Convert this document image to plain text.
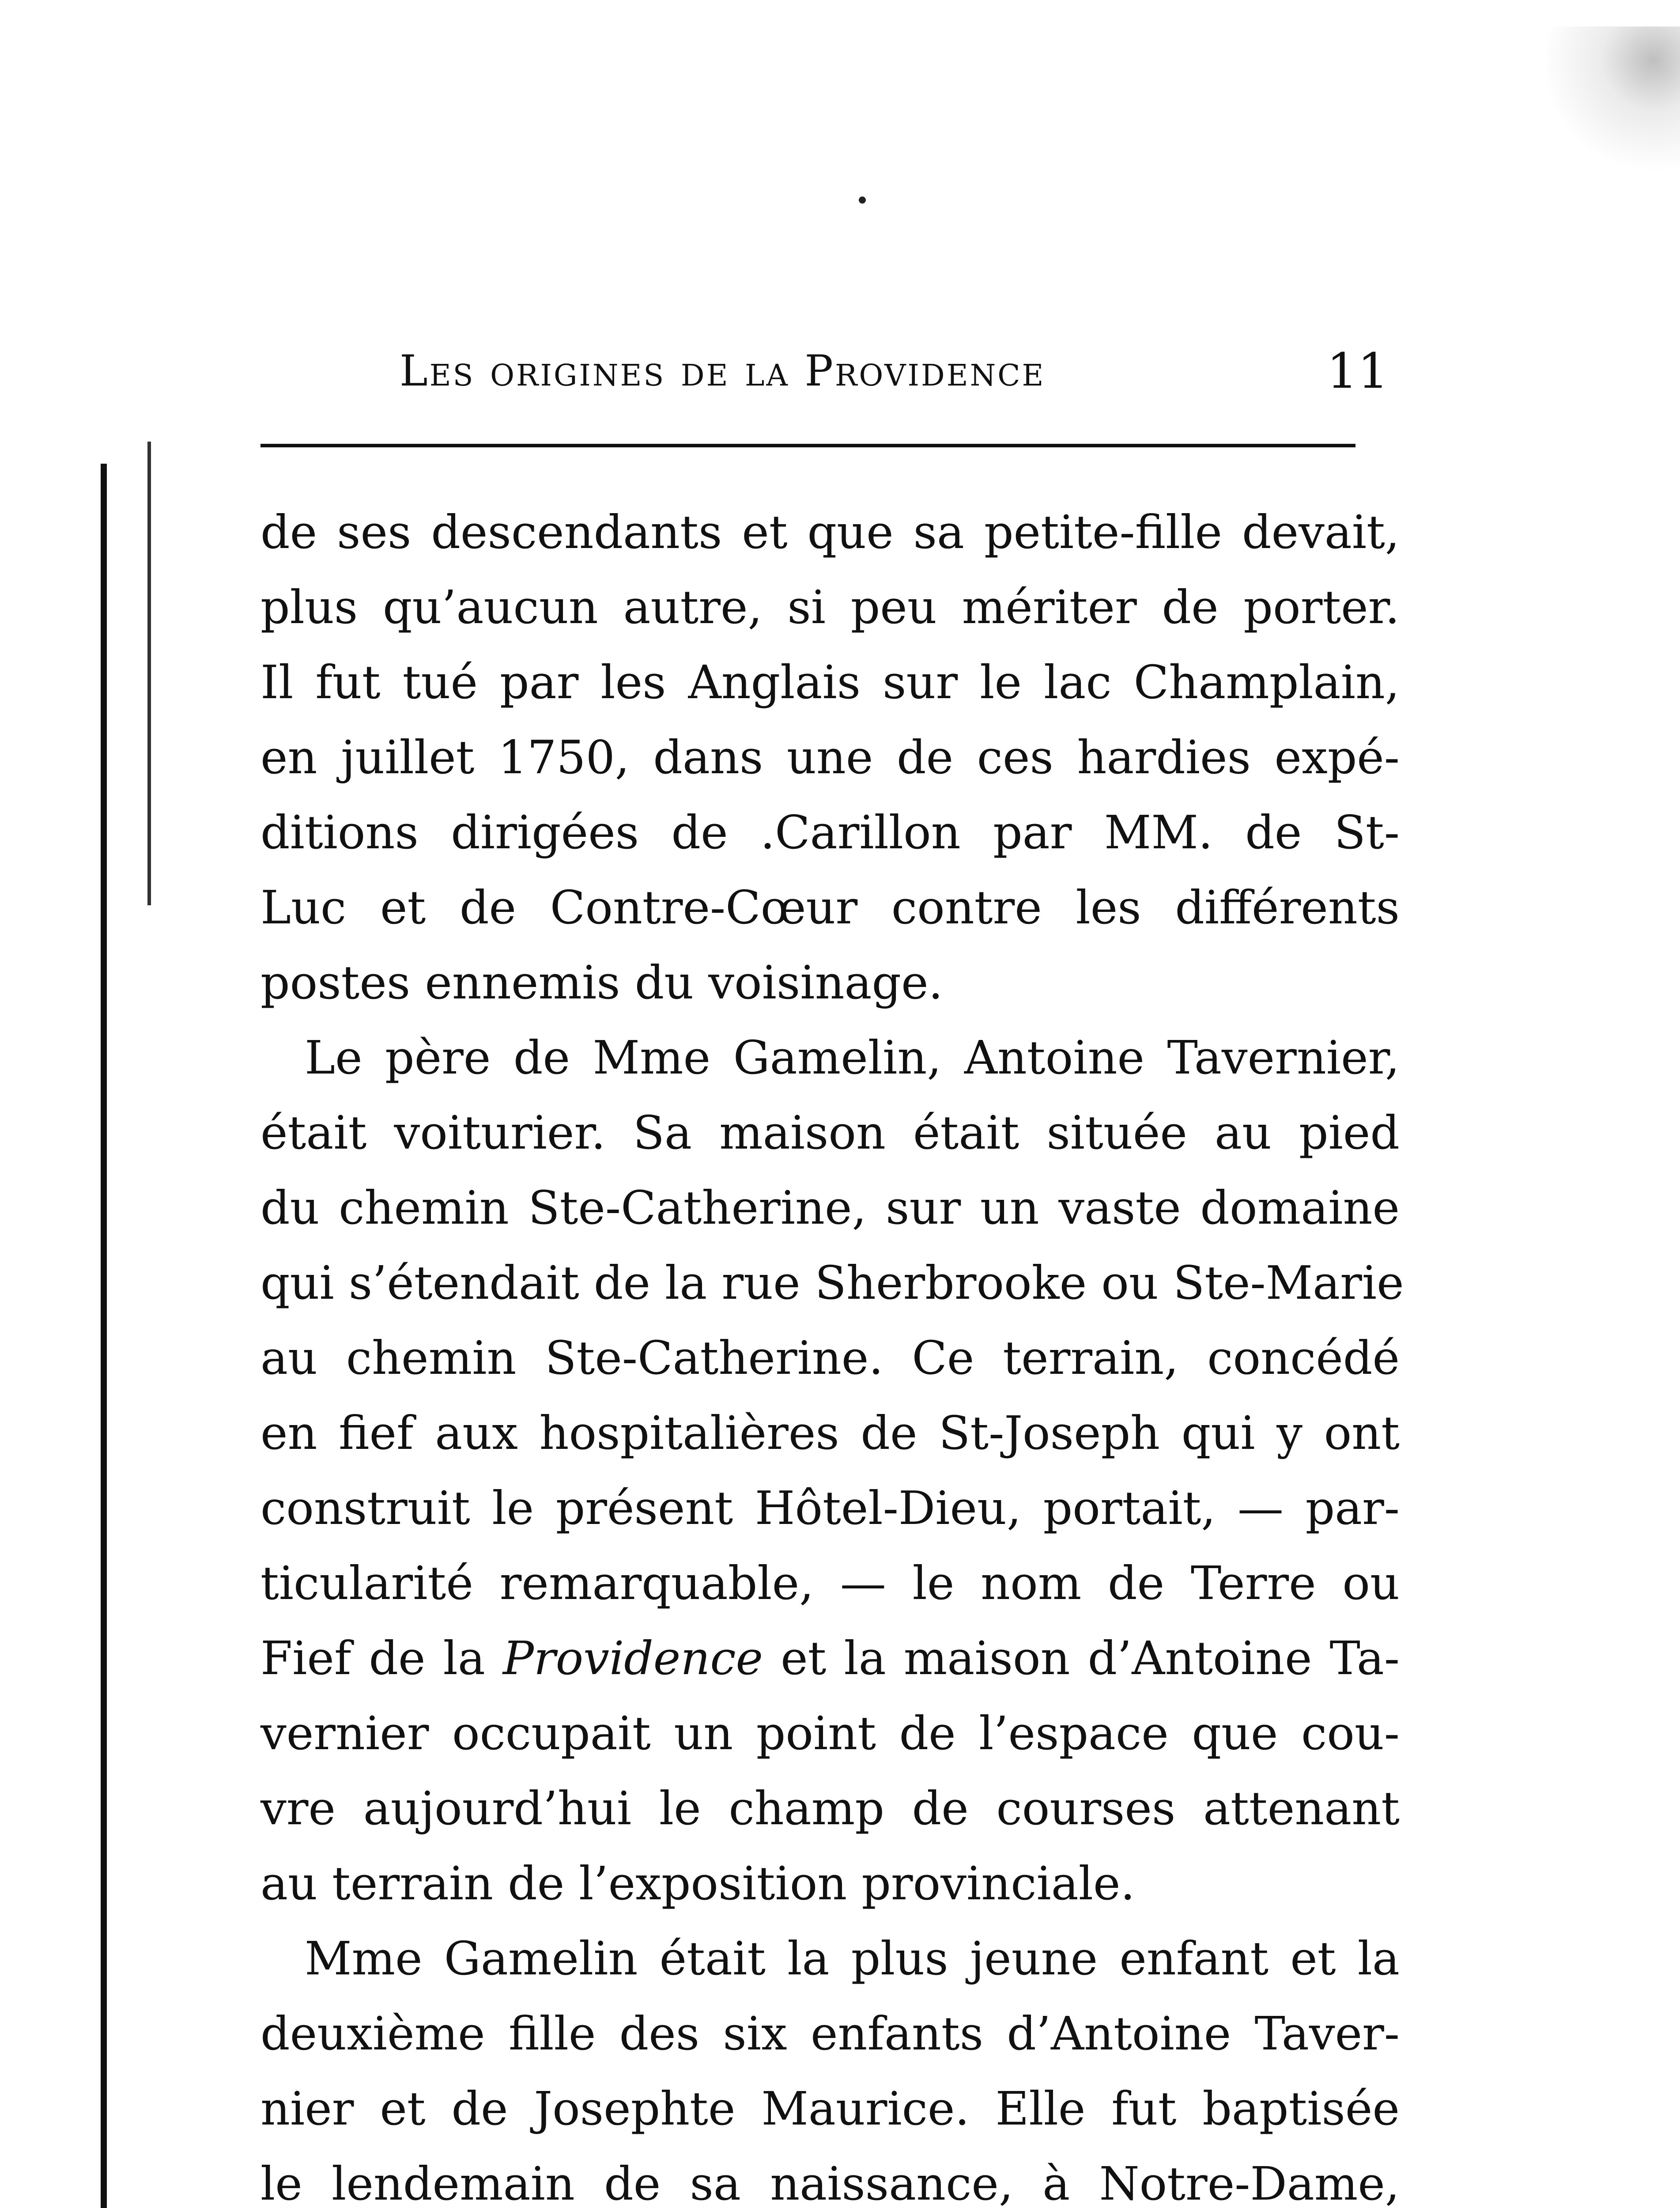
Les origines de la Providence	11
de ses descendants et que sa petite-fille devait,
plus qu’aucun autre, si peu mériter de porter.
Il fut tué par les Anglais sur le lac Champlain,
en juillet 1750, dans une de ces hardies expé-
ditions dirigées de .Carillon par MM. de St-
Luc et de Contre-Cœur contre les différents
postes ennemis du voisinage.
Le père de Mme Gamelin, Antoine Tavernier,
était voiturier. Sa maison était située au pied
du chemin Ste-Catherine, sur un vaste domaine
qui s’étendait de la rue Sherbrooke ou Ste-Marie
au chemin Ste-Catherine. Ce terrain, concédé
en fief aux hospitalières de St-Joseph qui y ont
construit le présent Hôtel-Dieu, portait, — par-
ticularité remarquable, — le nom de Terre ou
Fief de la Providence et la maison d’Antoine Ta-
vernier occupait un point de l’espace que cou-
vre aujourd’hui le champ de courses attenant
au terrain de l’exposition provinciale.
Mme Gamelin était la plus jeune enfant et la
deuxième fille des six enfants d’Antoine Taver-
nier et de Josephte Maurice. Elle fut baptisée
le lendemain de sa naissance, à Notre-Dame,
